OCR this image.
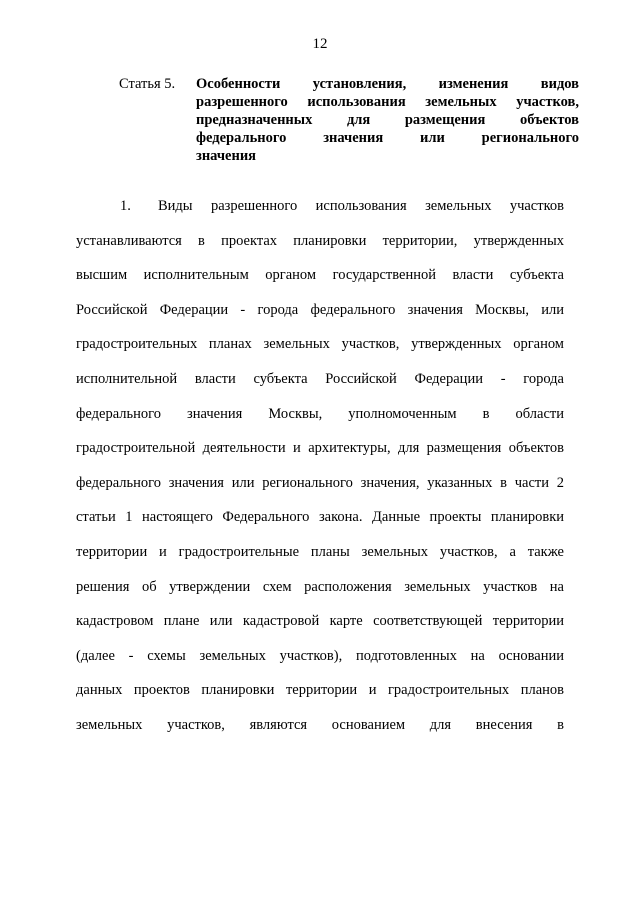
12
Статья 5. Особенности установления, изменения видов
разрешенного использования земельных участков,
предназначенных для размещения объектов
федерального значения или регионального
значения
1. Виды разрешенного использования земельных участков
устанавливаются в проектах планировки территории, утвержденных
высшим исполнительным органом государственной власти субъекта
Российской Федерации - города федерального значения Москвы, или
градостроительных планах земельных участков, утвержденных органом
исполнительной власти субъекта Российской Федерации - города
федерального значения Москвы, уполномоченным в области
градостроительной деятельности и архитектуры, для размещения объектов
федерального значения или регионального значения, указанных в части 2
статьи 1 настоящего Федерального закона. Данные проекты планировки
территории и градостроительные планы земельных участков, а также
решения об утверждении схем расположения земельных участков на
кадастровом плане или кадастровой карте соответствующей территории
(далее - схемы земельных участков), подготовленных на основании
данных проектов планировки территории и градостроительных планов
земельных участков, являются основанием для внесения в
